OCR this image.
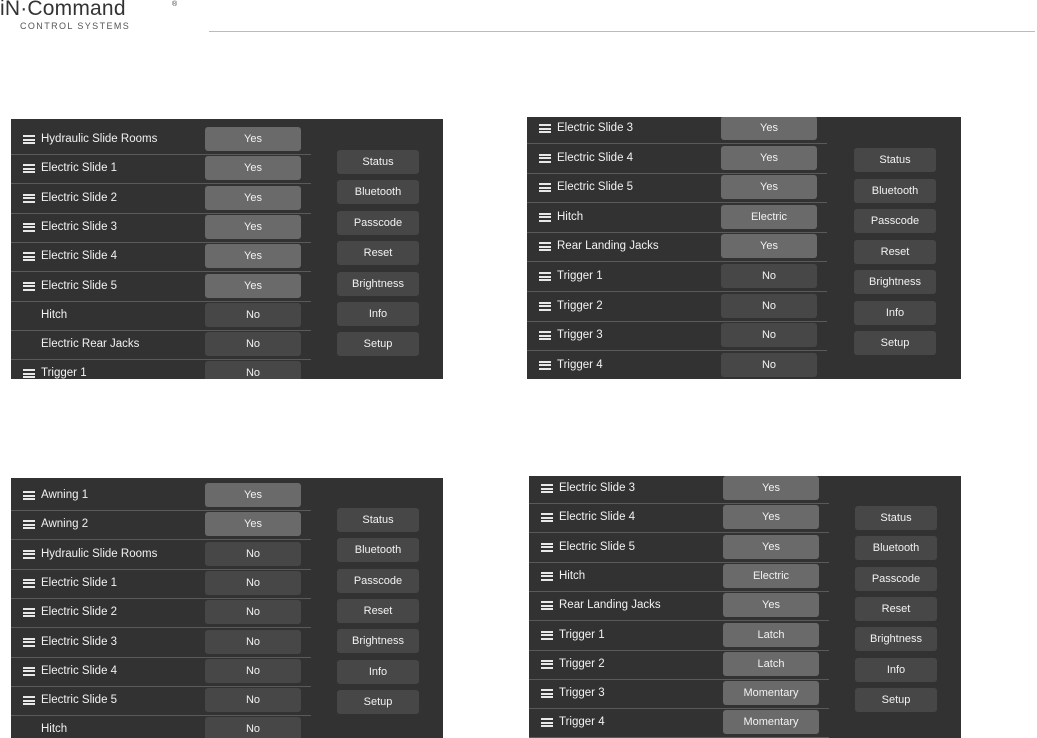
iN·Command	®
CONTROL SYSTEMS
Hydraulic Slide Rooms	Yes
Electric Slide 1	Yes
Electric Slide 2	Yes
Electric Slide 3	Yes
Electric Slide 4	Yes
Electric Slide 5	Yes
Hitch	No
Electric Rear Jacks	No
Trigger 1	No
Status
Bluetooth
Passcode
Reset
Brightness
Info
Setup
Electric Slide 3	Yes
Electric Slide 4	Yes
Electric Slide 5	Yes
Hitch	Electric
Rear Landing Jacks	Yes
Trigger 1	No
Trigger 2	No
Trigger 3	No
Trigger 4	No
Status
Bluetooth
Passcode
Reset
Brightness
Info
Setup
Awning 1	Yes
Awning 2	Yes
Hydraulic Slide Rooms	No
Electric Slide 1	No
Electric Slide 2	No
Electric Slide 3	No
Electric Slide 4	No
Electric Slide 5	No
Hitch	No
Status
Bluetooth
Passcode
Reset
Brightness
Info
Setup
Electric Slide 3	Yes
Electric Slide 4	Yes
Electric Slide 5	Yes
Hitch	Electric
Rear Landing Jacks	Yes
Trigger 1	Latch
Trigger 2	Latch
Trigger 3	Momentary
Trigger 4	Momentary
Status
Bluetooth
Passcode
Reset
Brightness
Info
Setup
